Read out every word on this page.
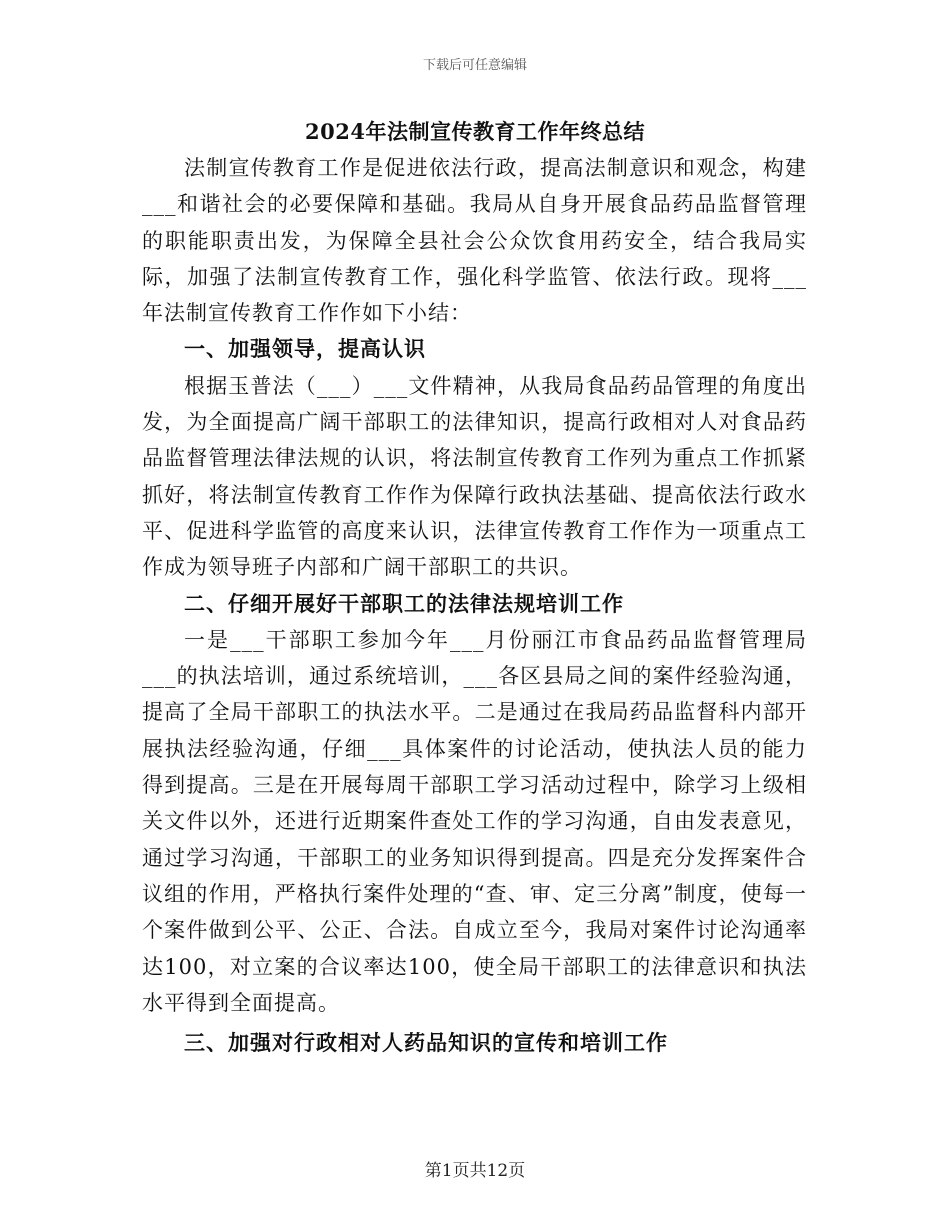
下载后可任意编辑
2024年法制宣传教育工作年终总结

法制宣传教育工作是促进依法行政，提高法制意识和观念，构建___和谐社会的必要保障和基础。我局从自身开展食品药品监督管理的职能职责出发，为保障全县社会公众饮食用药安全，结合我局实际，加强了法制宣传教育工作，强化科学监管、依法行政。现将___年法制宣传教育工作作如下小结：

一、加强领导，提高认识

根据玉普法（___）___文件精神，从我局食品药品管理的角度出发，为全面提高广阔干部职工的法律知识，提高行政相对人对食品药品监督管理法律法规的认识，将法制宣传教育工作列为重点工作抓紧抓好，将法制宣传教育工作作为保障行政执法基础、提高依法行政水平、促进科学监管的高度来认识，法律宣传教育工作作为一项重点工作成为领导班子内部和广阔干部职工的共识。

二、仔细开展好干部职工的法律法规培训工作

一是___干部职工参加今年___月份丽江市食品药品监督管理局___的执法培训，通过系统培训，___各区县局之间的案件经验沟通，提高了全局干部职工的执法水平。二是通过在我局药品监督科内部开展执法经验沟通，仔细___具体案件的讨论活动，使执法人员的能力得到提高。三是在开展每周干部职工学习活动过程中，除学习上级相关文件以外，还进行近期案件查处工作的学习沟通，自由发表意见，通过学习沟通，干部职工的业务知识得到提高。四是充分发挥案件合议组的作用，严格执行案件处理的“查、审、定三分离”制度，使每一个案件做到公平、公正、合法。自成立至今，我局对案件讨论沟通率达100，对立案的合议率达100，使全局干部职工的法律意识和执法水平得到全面提高。

三、加强对行政相对人药品知识的宣传和培训工作
第1页共12页
